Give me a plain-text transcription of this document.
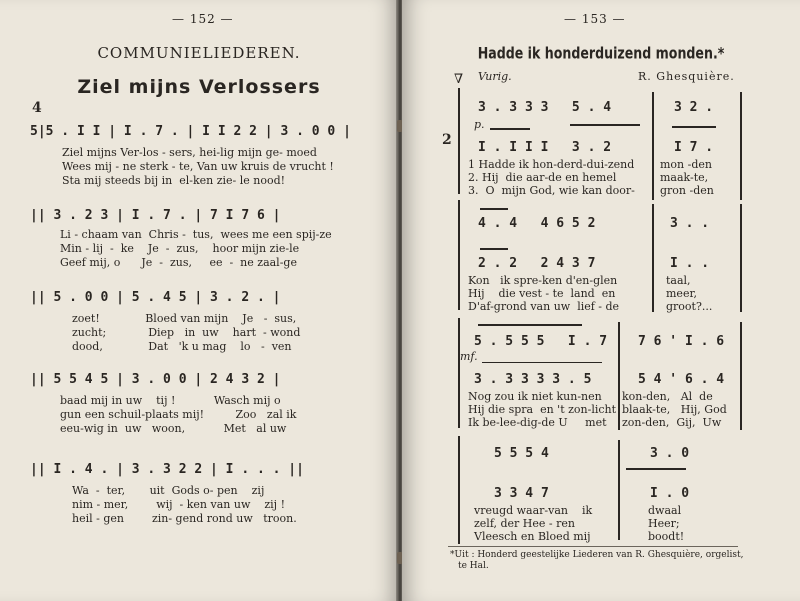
— 152 —
COMMUNIELIEDEREN.
Ziel mijns Verlossers
4
5|5 . I I | I . 7 . | I I 2 2 | 3 . 0 0 |
Ziel mijns Ver-los - sers, hei-lig mijn ge- moed
Wees mij - ne sterk - te, Van uw kruis de vrucht !
Sta mij steeds bij in  el-ken zie- le nood!
|| 3 . 2 3 | I . 7 . | 7 I 7 6 |
Li - chaam van  Chris -  tus,  wees me een spij-ze
Min - lij  -  ke    Je  -  zus,    hoor mijn zie-le
Geef mij, o      Je  -  zus,     ee  -  ne zaal-ge
|| 5 . 0 0 | 5 . 4 5 | 3 . 2 . |
zoet!             Bloed van mijn    Je   -  sus,
zucht;            Diep   in  uw    hart  - wond
dood,             Dat   'k u mag    lo   -  ven
|| 5 5 4 5 | 3 . 0 0 | 2 4 3 2 |
baad mij in uw    tij !           Wasch mij o
gun een schuil-plaats mij!         Zoo   zal ik
eeu-wig in  uw   woon,           Met   al uw
|| I . 4 . | 3 . 3 2 2 | I . . . ||
Wa  -  ter,       uit  Gods o- pen    zij
nim - mer,        wij  - ken van uw    zij !
heil - gen        zin- gend rond uw   troon.
— 153 —
Hadde ik honderduizend monden.*
∇ Vurig.	R. Ghesquière.
2
3 . 3 3 3   5 . 4	3 2 .
p.
I . I I I   3 . 2	I 7 .
1 Hadde ik hon-derd-dui-zend
2. Hij  die aar-de en hemel
3.  O  mijn God, wie kan door-
mon -den
maak-te,
gron -den
4 . 4   4 6 5 2	3 . .
2 . 2   2 4 3 7	I . .
Kon   ik spre-ken d'en-glen
Hij    die vest - te  land  en
D'af-grond van uw  lief - de
taal,
meer,
groot?...
5 . 5 5 5   I . 7 7 6 ' I . 6
mf.
3 . 3 3 3 3 . 5	5 4 ' 6 . 4
Nog zou ik niet kun-nen
Hij die spra  en 't zon-licht
Ik be-lee-dig-de U     met
kon-den,   Al  de
blaak-te,   Hij, God
zon-den,  Gij,  Uw
5 5 5 4	3 . 0
3 3 4 7	I . 0
vreugd waar-van    ik
zelf, der Hee - ren
Vleesch en Bloed mij
dwaal
Heer;
boodt!
*Uit : Honderd geestelijke Liederen van R. Ghesquière, orgelist,
te Hal.
